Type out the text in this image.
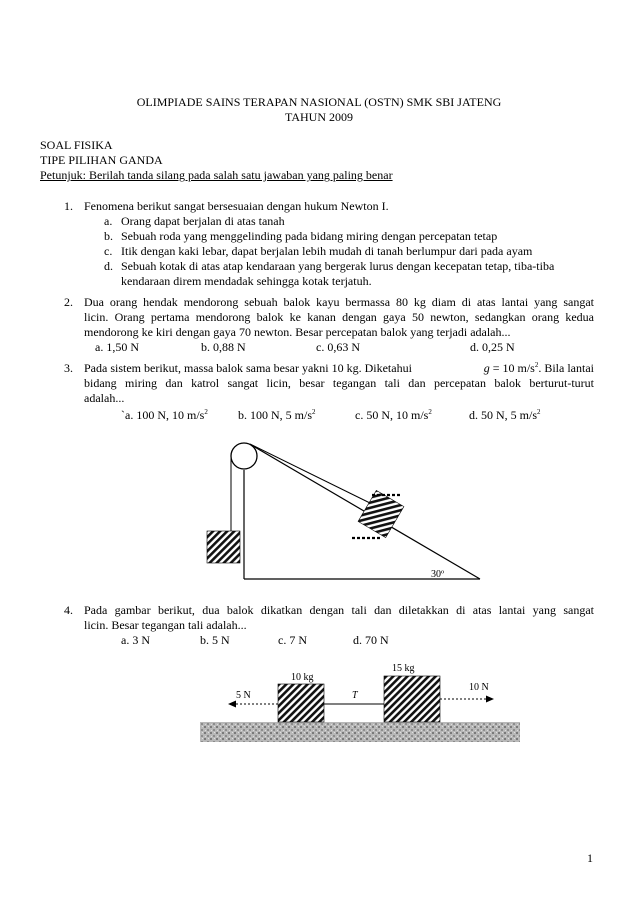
OLIMPIADE SAINS TERAPAN NASIONAL (OSTN) SMK SBI JATENG
TAHUN 2009
SOAL FISIKA
TIPE PILIHAN GANDA
Petunjuk: Berilah tanda silang pada salah satu jawaban yang paling benar
1. Fenomena berikut sangat bersesuaian dengan hukum Newton I.
a. Orang dapat berjalan di atas tanah
b. Sebuah roda yang menggelinding pada bidang miring dengan percepatan tetap
c. Itik dengan kaki lebar, dapat berjalan lebih mudah di tanah berlumpur dari pada ayam
d. Sebuah kotak di atas atap kendaraan yang bergerak lurus dengan kecepatan tetap, tiba-tiba
kendaraan direm mendadak sehingga kotak terjatuh.
2. Dua orang hendak mendorong sebuah balok kayu bermassa 80 kg diam di atas lantai yang sangat
licin. Orang pertama mendorong balok ke kanan dengan gaya 50 newton, sedangkan orang kedua
mendorong ke kiri dengan gaya 70 newton. Besar percepatan balok yang terjadi adalah...
a. 1,50 N	b. 0,88 N	c. 0,63 N	d. 0,25 N
3. Pada sistem berikut, massa balok sama besar yakni 10 kg. Diketahui	g = 10 $m/s^2$. Bila lantai
bidang miring dan katrol sangat licin, besar tegangan tali dan percepatan balok berturut-turut
adalah...
`a. 100 N, 10 $m/s^2$	b. 100 N, 5 $m/s^2$	c. 50 N, 10 $m/s^2$	d. 50 N, 5 $m/s^2$
30º
4. Pada gambar berikut, dua balok dikatkan dengan tali dan diletakkan di atas lantai yang sangat
licin. Besar tegangan tali adalah...
a. 3 N	b. 5 N	c. 7 N	d. 70 N
10 kg
15 kg
5 N	T
10 N
1
